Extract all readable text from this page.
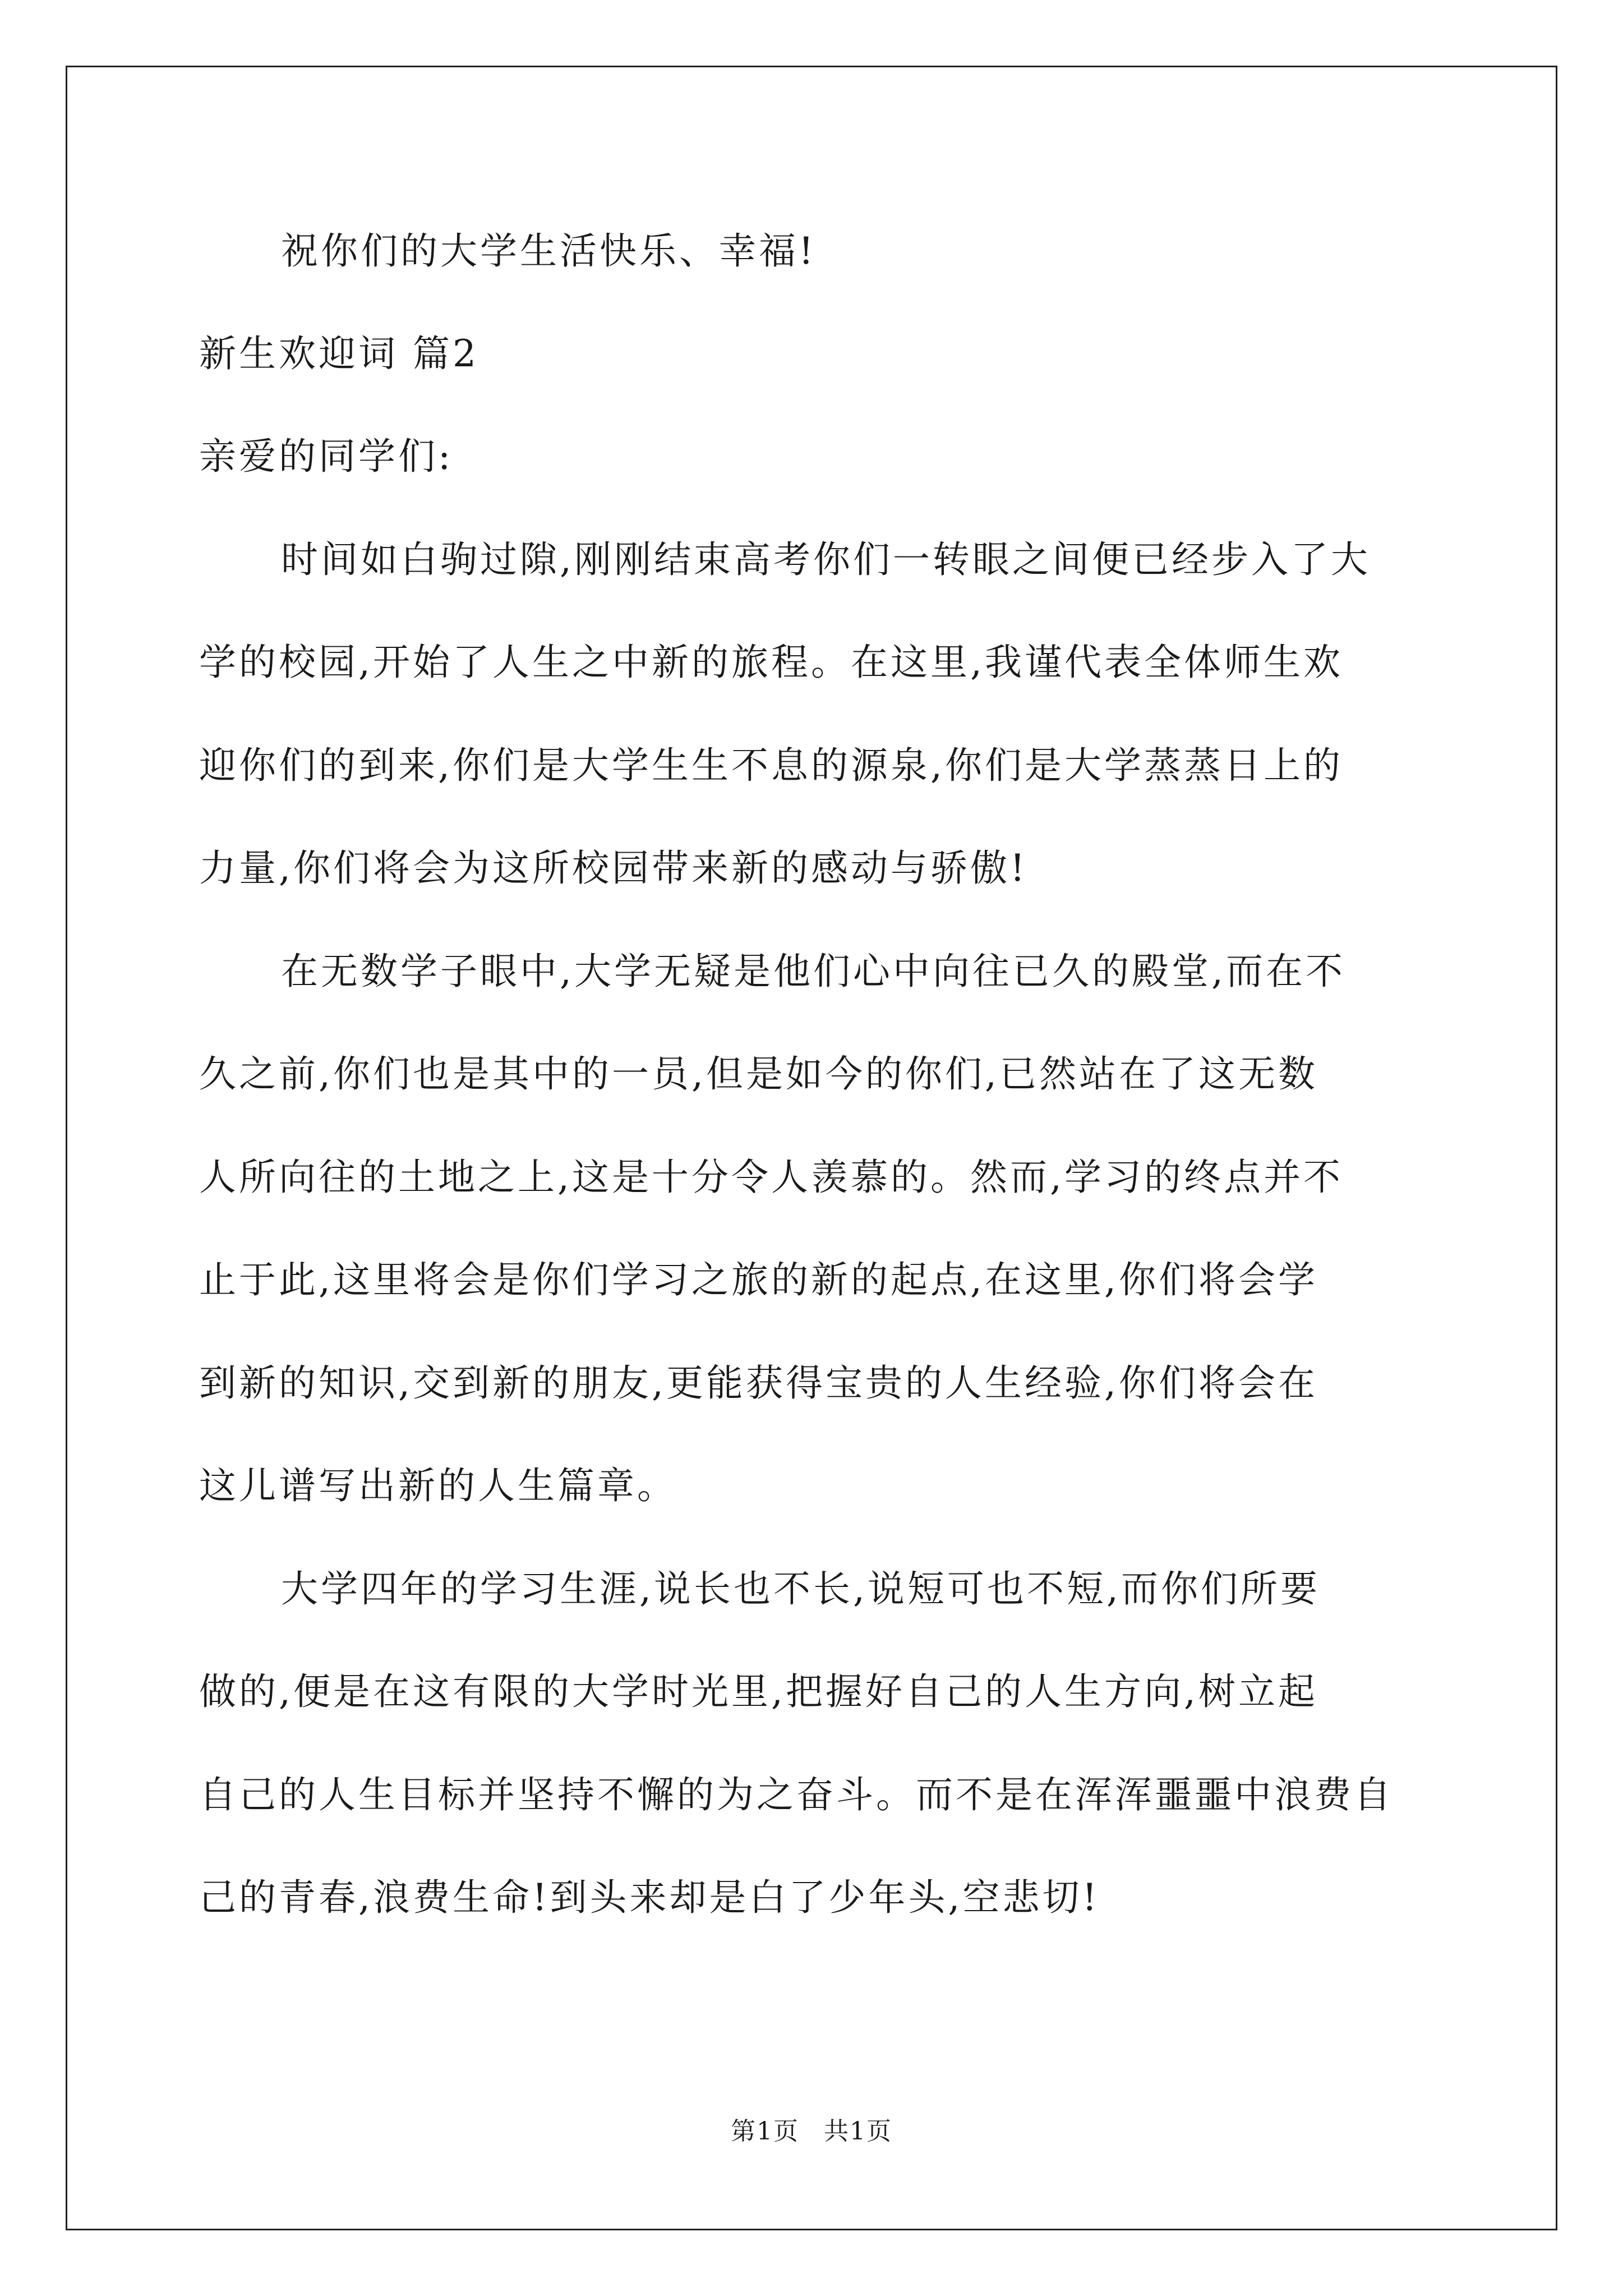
祝你们的大学生活快乐、幸福!
新生欢迎词 篇2
亲爱的同学们:
时间如白驹过隙,刚刚结束高考你们一转眼之间便已经步入了大
学的校园,开始了人生之中新的旅程。在这里,我谨代表全体师生欢
迎你们的到来,你们是大学生生不息的源泉,你们是大学蒸蒸日上的
力量,你们将会为这所校园带来新的感动与骄傲!
在无数学子眼中,大学无疑是他们心中向往已久的殿堂,而在不
久之前,你们也是其中的一员,但是如今的你们,已然站在了这无数
人所向往的土地之上,这是十分令人羡慕的。然而,学习的终点并不
止于此,这里将会是你们学习之旅的新的起点,在这里,你们将会学
到新的知识,交到新的朋友,更能获得宝贵的人生经验,你们将会在
这儿谱写出新的人生篇章。
大学四年的学习生涯,说长也不长,说短可也不短,而你们所要
做的,便是在这有限的大学时光里,把握好自己的人生方向,树立起
自己的人生目标并坚持不懈的为之奋斗。而不是在浑浑噩噩中浪费自
己的青春,浪费生命!到头来却是白了少年头,空悲切!
第1页 共1页
